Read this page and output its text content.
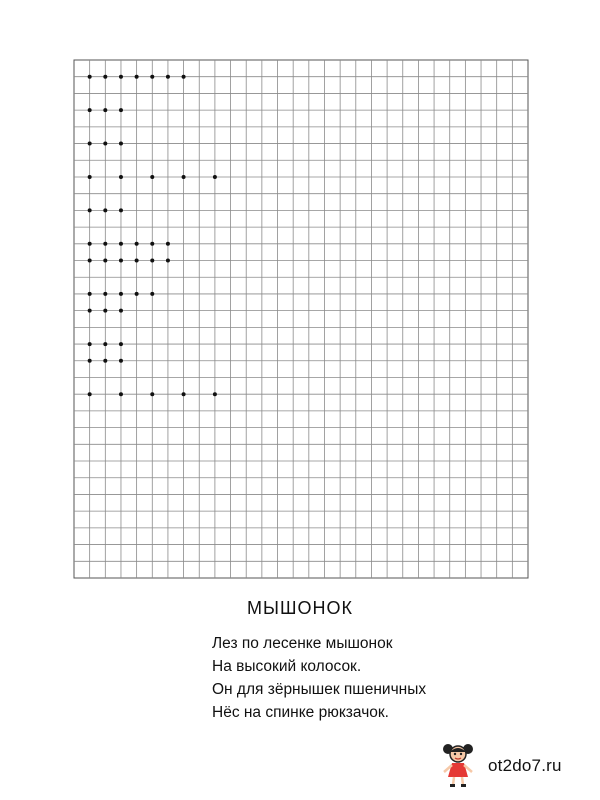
МЫШОНОК
Лез по лесенке мышонок
На высокий колосок.
Он для зёрнышек пшеничных
Нёс на спинке рюкзачок.
ot2do7.ru
